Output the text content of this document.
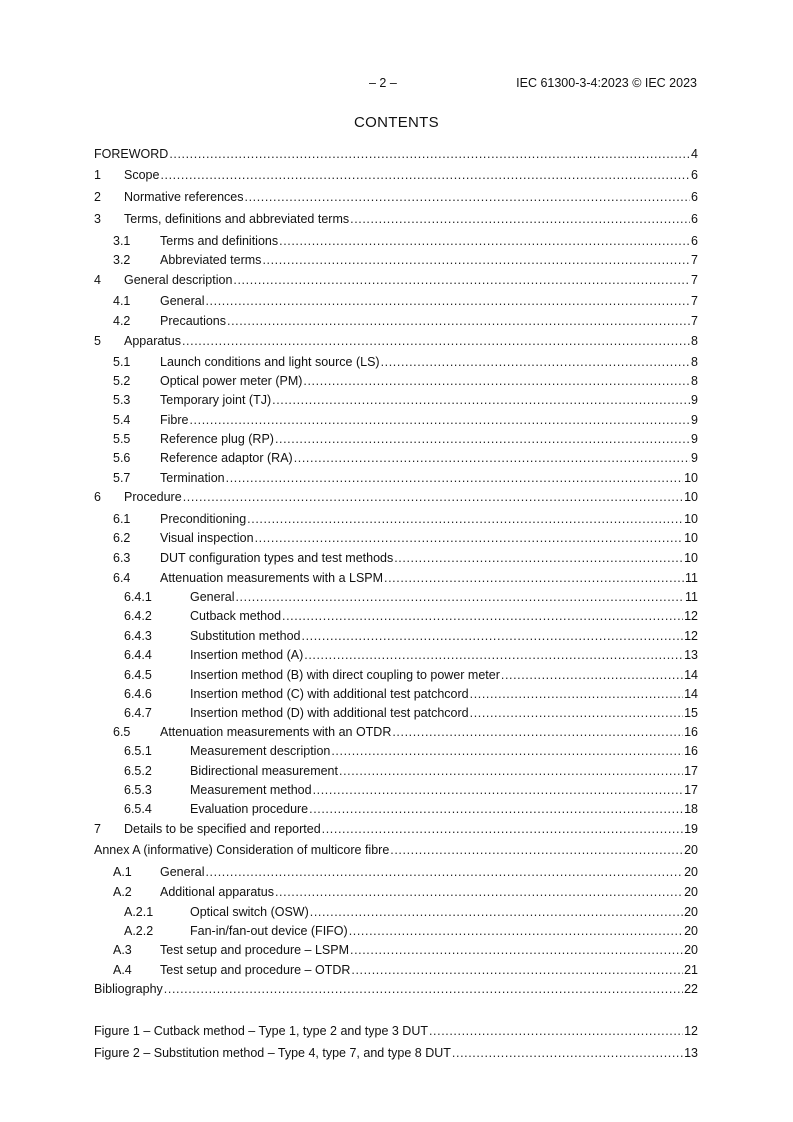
– 2 –	IEC 61300-3-4:2023 © IEC 2023
CONTENTS
FOREWORD .....	4
1 Scope .....	6
2 Normative references .....	6
3 Terms, definitions and abbreviated terms .....	6
3.1 Terms and definitions .....	6
3.2 Abbreviated terms .....	7
4 General description .....	7
4.1 General .....	7
4.2 Precautions .....	7
5 Apparatus .....	8
5.1 Launch conditions and light source (LS) .....	8
5.2 Optical power meter (PM) .....	8
5.3 Temporary joint (TJ) .....	9
5.4 Fibre .....	9
5.5 Reference plug (RP) .....	9
5.6 Reference adaptor (RA) .....	9
5.7 Termination .....	10
6 Procedure .....	10
6.1 Preconditioning .....	10
6.2 Visual inspection .....	10
6.3 DUT configuration types and test methods .....	10
6.4 Attenuation measurements with a LSPM .....	11
6.4.1	General .....	11
6.4.2	Cutback method .....	12
6.4.3	Substitution method .....	12
6.4.4	Insertion method (A) .....	13
6.4.5	Insertion method (B) with direct coupling to power meter .....	14
6.4.6	Insertion method (C) with additional test patchcord .....	14
6.4.7	Insertion method (D) with additional test patchcord .....	15
6.5 Attenuation measurements with an OTDR .....	16
6.5.1	Measurement description .....	16
6.5.2	Bidirectional measurement .....	17
6.5.3	Measurement method .....	17
6.5.4	Evaluation procedure .....	18
7 Details to be specified and reported .....	19
Annex A (informative) Consideration of multicore fibre .....	20
A.1 General .....	20
A.2 Additional apparatus .....	20
A.2.1	Optical switch (OSW) .....	20
A.2.2	Fan-in/fan-out device (FIFO) .....	20
A.3 Test setup and procedure – LSPM .....	20
A.4 Test setup and procedure – OTDR .....	21
Bibliography .....	22
Figure 1 – Cutback method – Type 1, type 2 and type 3 DUT .....	12
Figure 2 – Substitution method – Type 4, type 7, and type 8 DUT .....	13
